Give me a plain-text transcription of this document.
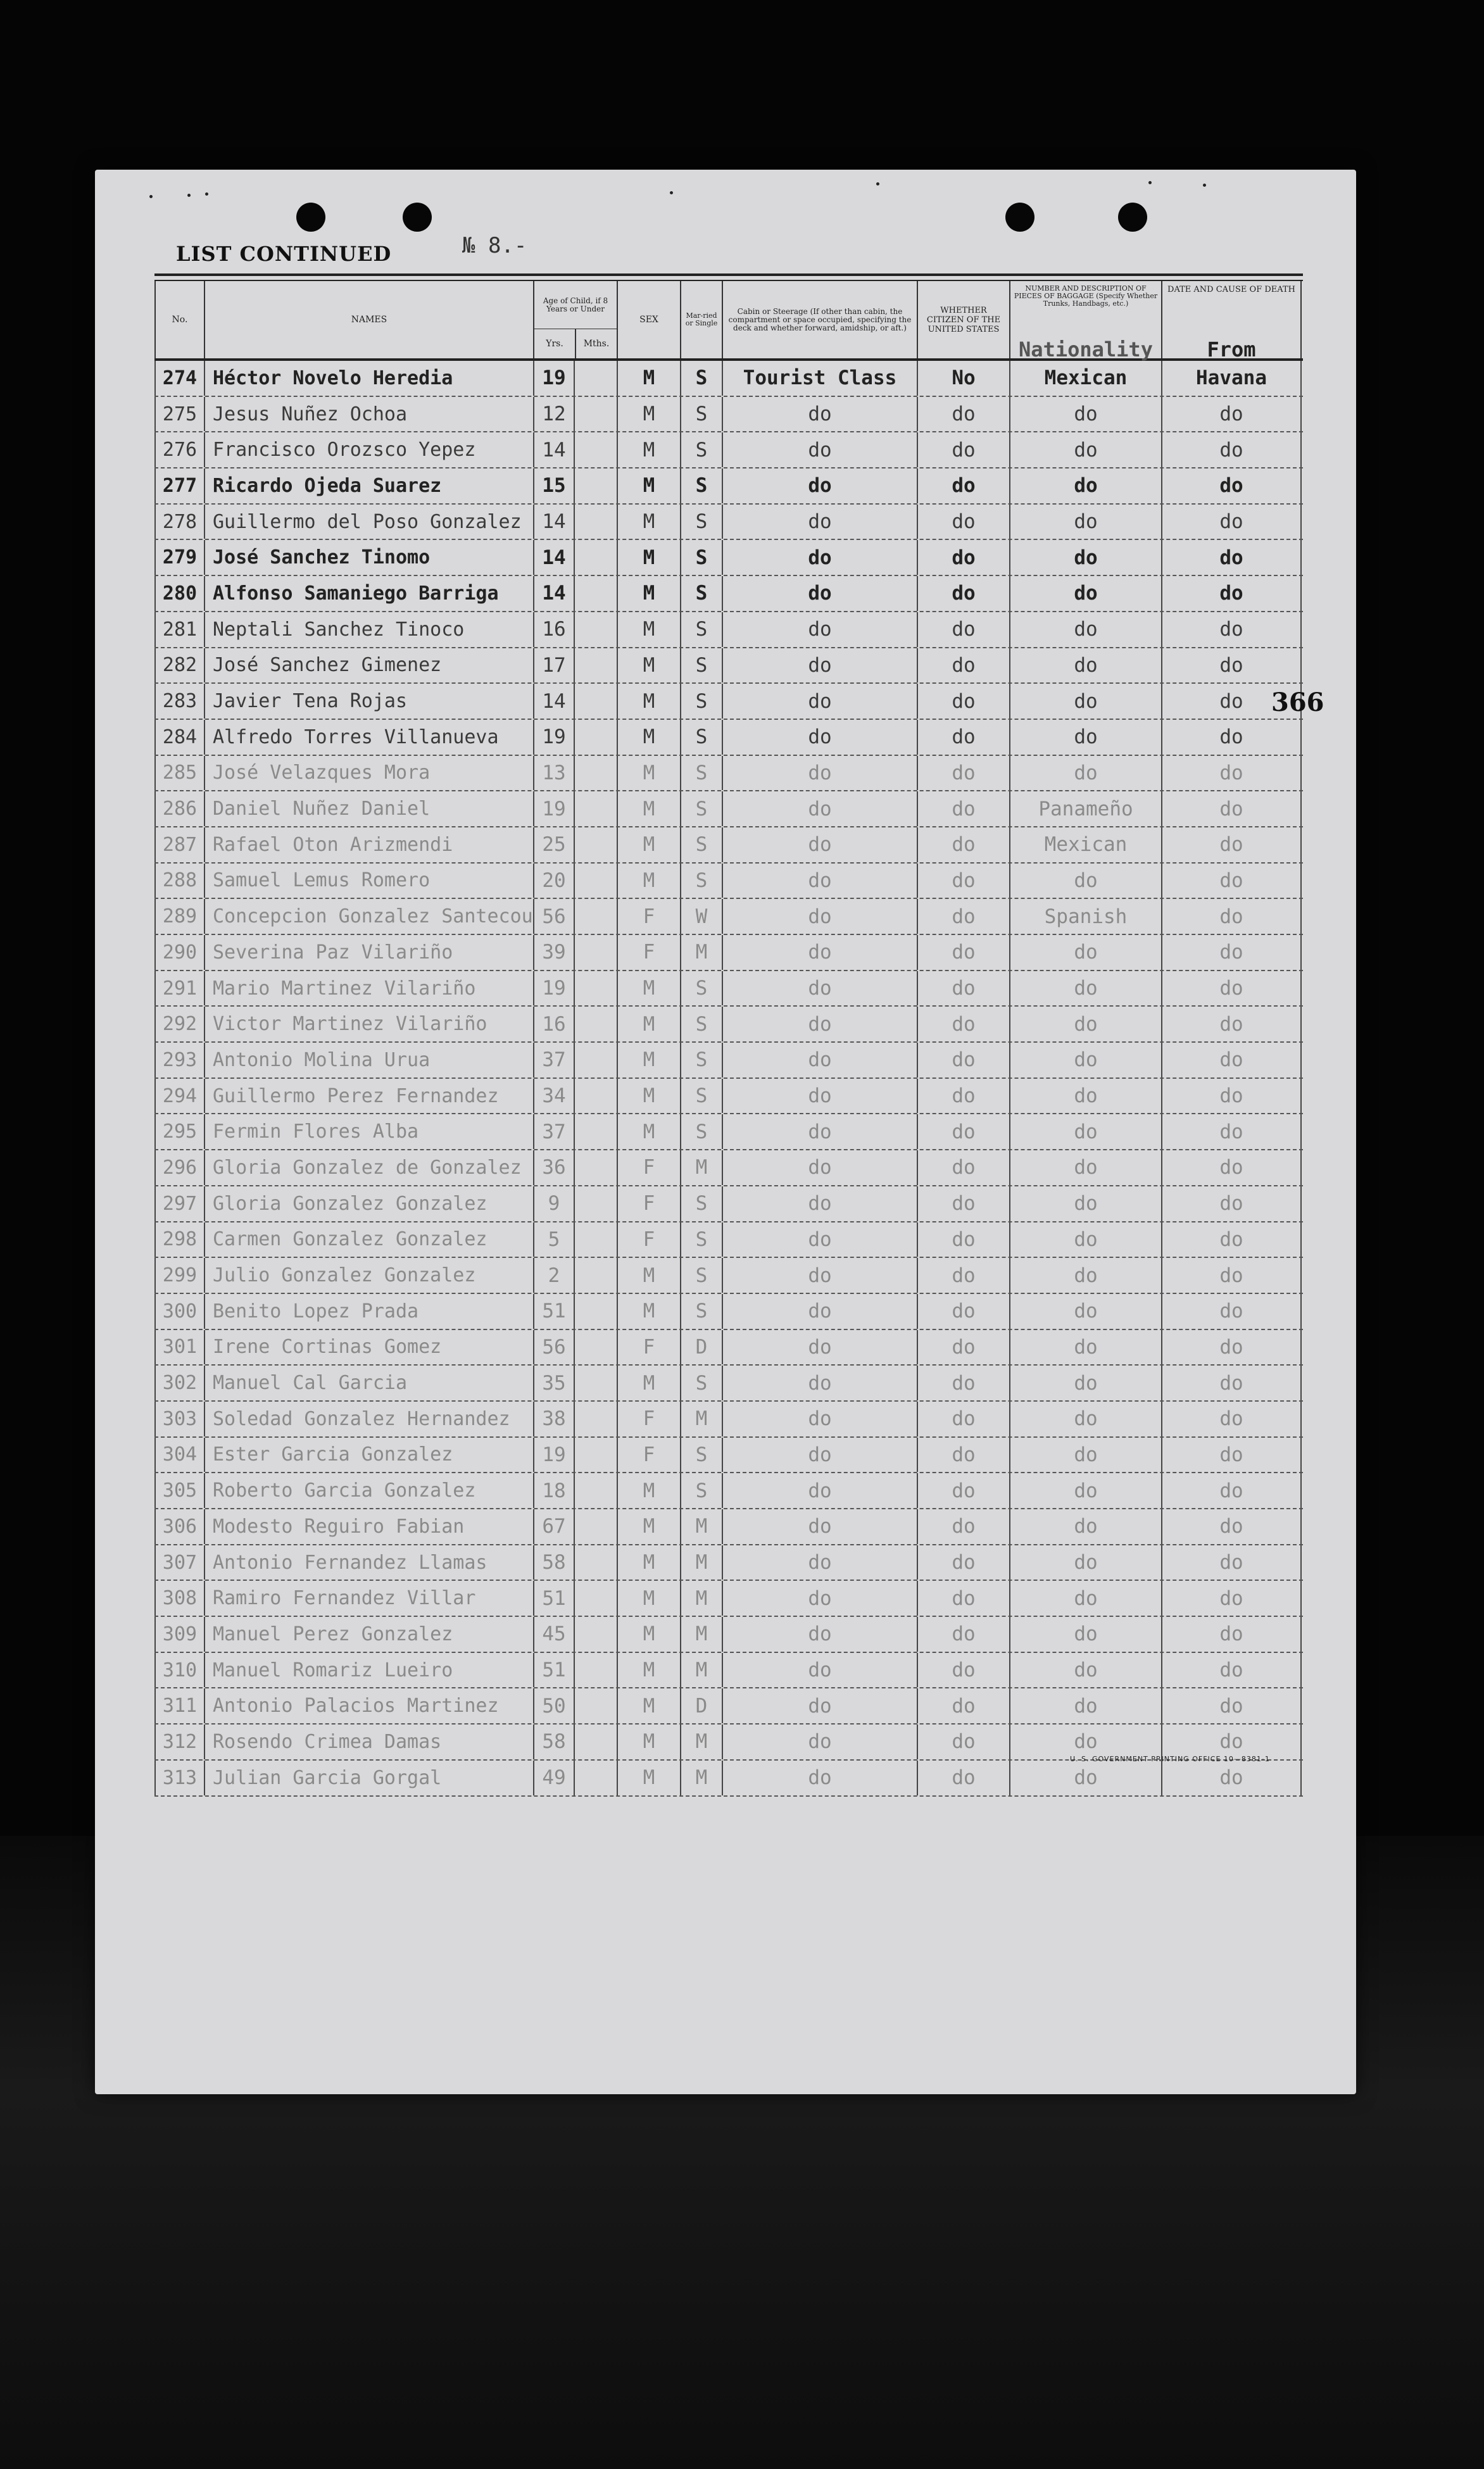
LIST CONTINUED	№ 8.-
No.	NAMES
Age of Child, if 8 Years or Under
Yrs.	Mths.
SEX	Mar-ried or Single
Cabin or Steerage (If other than cabin, the compartment or space occupied, specifying the deck and whether forward, amidship, or aft.)
WHETHER CITIZEN OF THE UNITED STATES
NUMBER AND DESCRIPTION OF PIECES OF BAGGAGE (Specify Whether Trunks, Handbags, etc.)
Nationality
DATE AND CAUSE OF DEATH
From
274 Héctor Novelo Heredia	19	M	S	Tourist Class	No	Mexican	Havana
275 Jesus Nuñez Ochoa	12	M	S	do	do	do	do
276 Francisco Orozsco Yepez	14	M	S	do	do	do	do
277 Ricardo Ojeda Suarez	15	M	S	do	do	do	do
278 Guillermo del Poso Gonzalez	14	M	S	do	do	do	do
279 José Sanchez Tinomo	14	M	S	do	do	do	do
280 Alfonso Samaniego Barriga	14	M	S	do	do	do	do
281 Neptali Sanchez Tinoco	16	M	S	do	do	do	do
282 José Sanchez Gimenez	17	M	S	do	do	do	do
283 Javier Tena Rojas	14	M	S	do	do	do	do
284 Alfredo Torres Villanueva	19	M	S	do	do	do	do
285 José Velazques Mora	13	M	S	do	do	do	do
286 Daniel Nuñez Daniel	19	M	S	do	do	Panameño	do
287 Rafael Oton Arizmendi	25	M	S	do	do	Mexican	do
288 Samuel Lemus Romero	20	M	S	do	do	do	do
289 Concepcion Gonzalez Santecou 56	F	W	do	do	Spanish	do
290 Severina Paz Vilariño	39	F	M	do	do	do	do
291 Mario Martinez Vilariño	19	M	S	do	do	do	do
292 Victor Martinez Vilariño	16	M	S	do	do	do	do
293 Antonio Molina Urua	37	M	S	do	do	do	do
294 Guillermo Perez Fernandez	34	M	S	do	do	do	do
295 Fermin Flores Alba	37	M	S	do	do	do	do
296 Gloria Gonzalez de Gonzalez	36	F	M	do	do	do	do
297 Gloria Gonzalez Gonzalez	9	F	S	do	do	do	do
298 Carmen Gonzalez Gonzalez	5	F	S	do	do	do	do
299 Julio Gonzalez Gonzalez	2	M	S	do	do	do	do
300 Benito Lopez Prada	51	M	S	do	do	do	do
301 Irene Cortinas Gomez	56	F	D	do	do	do	do
302 Manuel Cal Garcia	35	M	S	do	do	do	do
303 Soledad Gonzalez Hernandez	38	F	M	do	do	do	do
304 Ester Garcia Gonzalez	19	F	S	do	do	do	do
305 Roberto Garcia Gonzalez	18	M	S	do	do	do	do
306 Modesto Reguiro Fabian	67	M	M	do	do	do	do
307 Antonio Fernandez Llamas	58	M	M	do	do	do	do
308 Ramiro Fernandez Villar	51	M	M	do	do	do	do
309 Manuel Perez Gonzalez	45	M	M	do	do	do	do
310 Manuel Romariz Lueiro	51	M	M	do	do	do	do
311 Antonio Palacios Martinez	50	M	D	do	do	do	do
312 Rosendo Crimea Damas	58	M	M	do	do	do	do
313 Julian Garcia Gorgal	49	M	M	do	do	do	do
366
U. S. GOVERNMENT PRINTING OFFICE 10—8381-1
